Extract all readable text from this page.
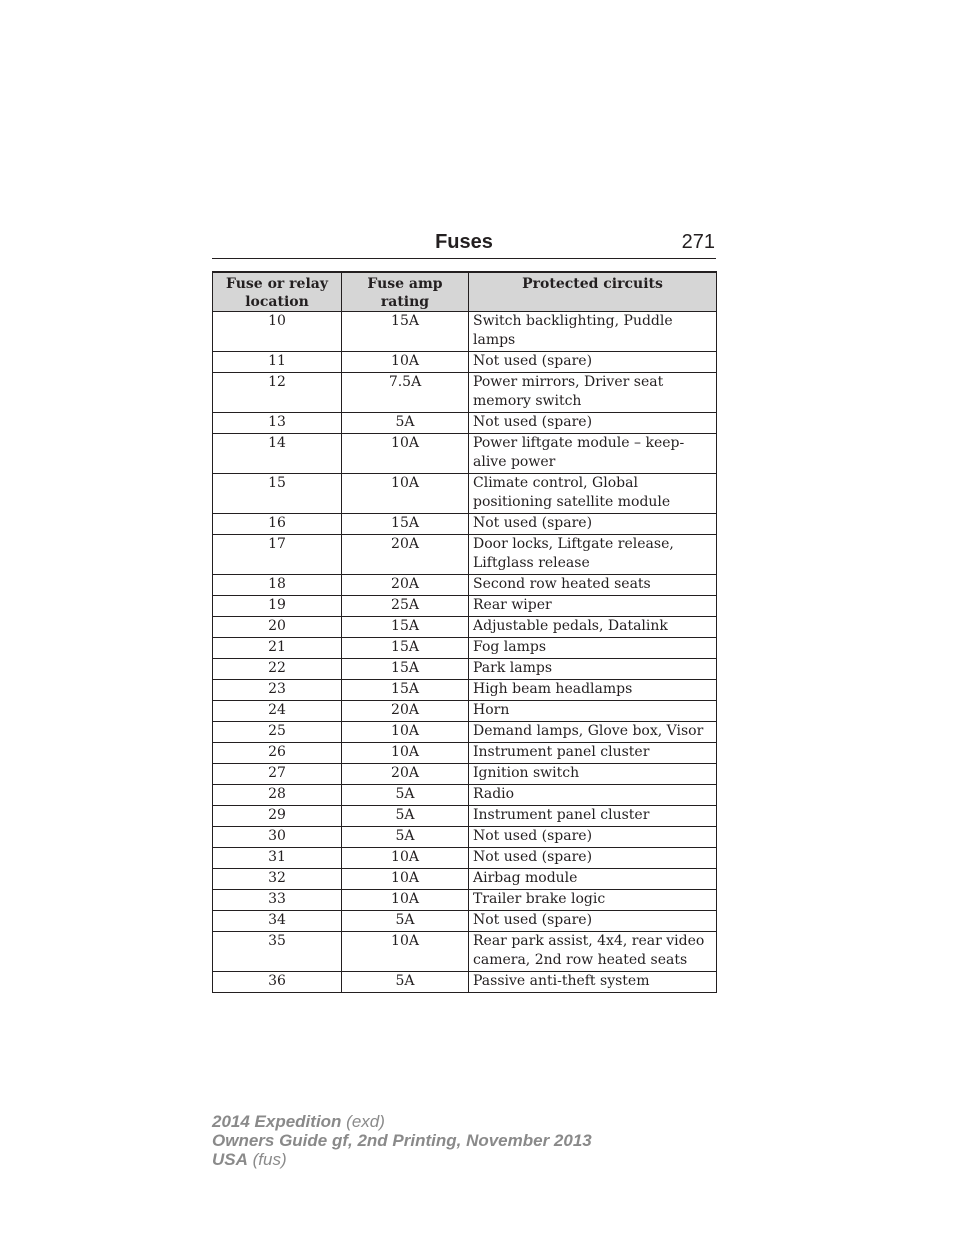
Fuses	271
Fuse or relay location	Fuse amp rating	Protected circuits
10	15A	Switch backlighting, Puddle lamps
11	10A	Not used (spare)
12	7.5A	Power mirrors, Driver seat memory switch
13	5A	Not used (spare)
14	10A	Power liftgate module – keep-alive power
15	10A	Climate control, Global positioning satellite module
16	15A	Not used (spare)
17	20A	Door locks, Liftgate release, Liftglass release
18	20A	Second row heated seats
19	25A	Rear wiper
20	15A	Adjustable pedals, Datalink
21	15A	Fog lamps
22	15A	Park lamps
23	15A	High beam headlamps
24	20A	Horn
25	10A	Demand lamps, Glove box, Visor
26	10A	Instrument panel cluster
27	20A	Ignition switch
28	5A	Radio
29	5A	Instrument panel cluster
30	5A	Not used (spare)
31	10A	Not used (spare)
32	10A	Airbag module
33	10A	Trailer brake logic
34	5A	Not used (spare)
35	10A	Rear park assist, 4x4, rear video camera, 2nd row heated seats
36	5A	Passive anti-theft system
2014 Expedition (exd)
Owners Guide gf, 2nd Printing, November 2013
USA (fus)
